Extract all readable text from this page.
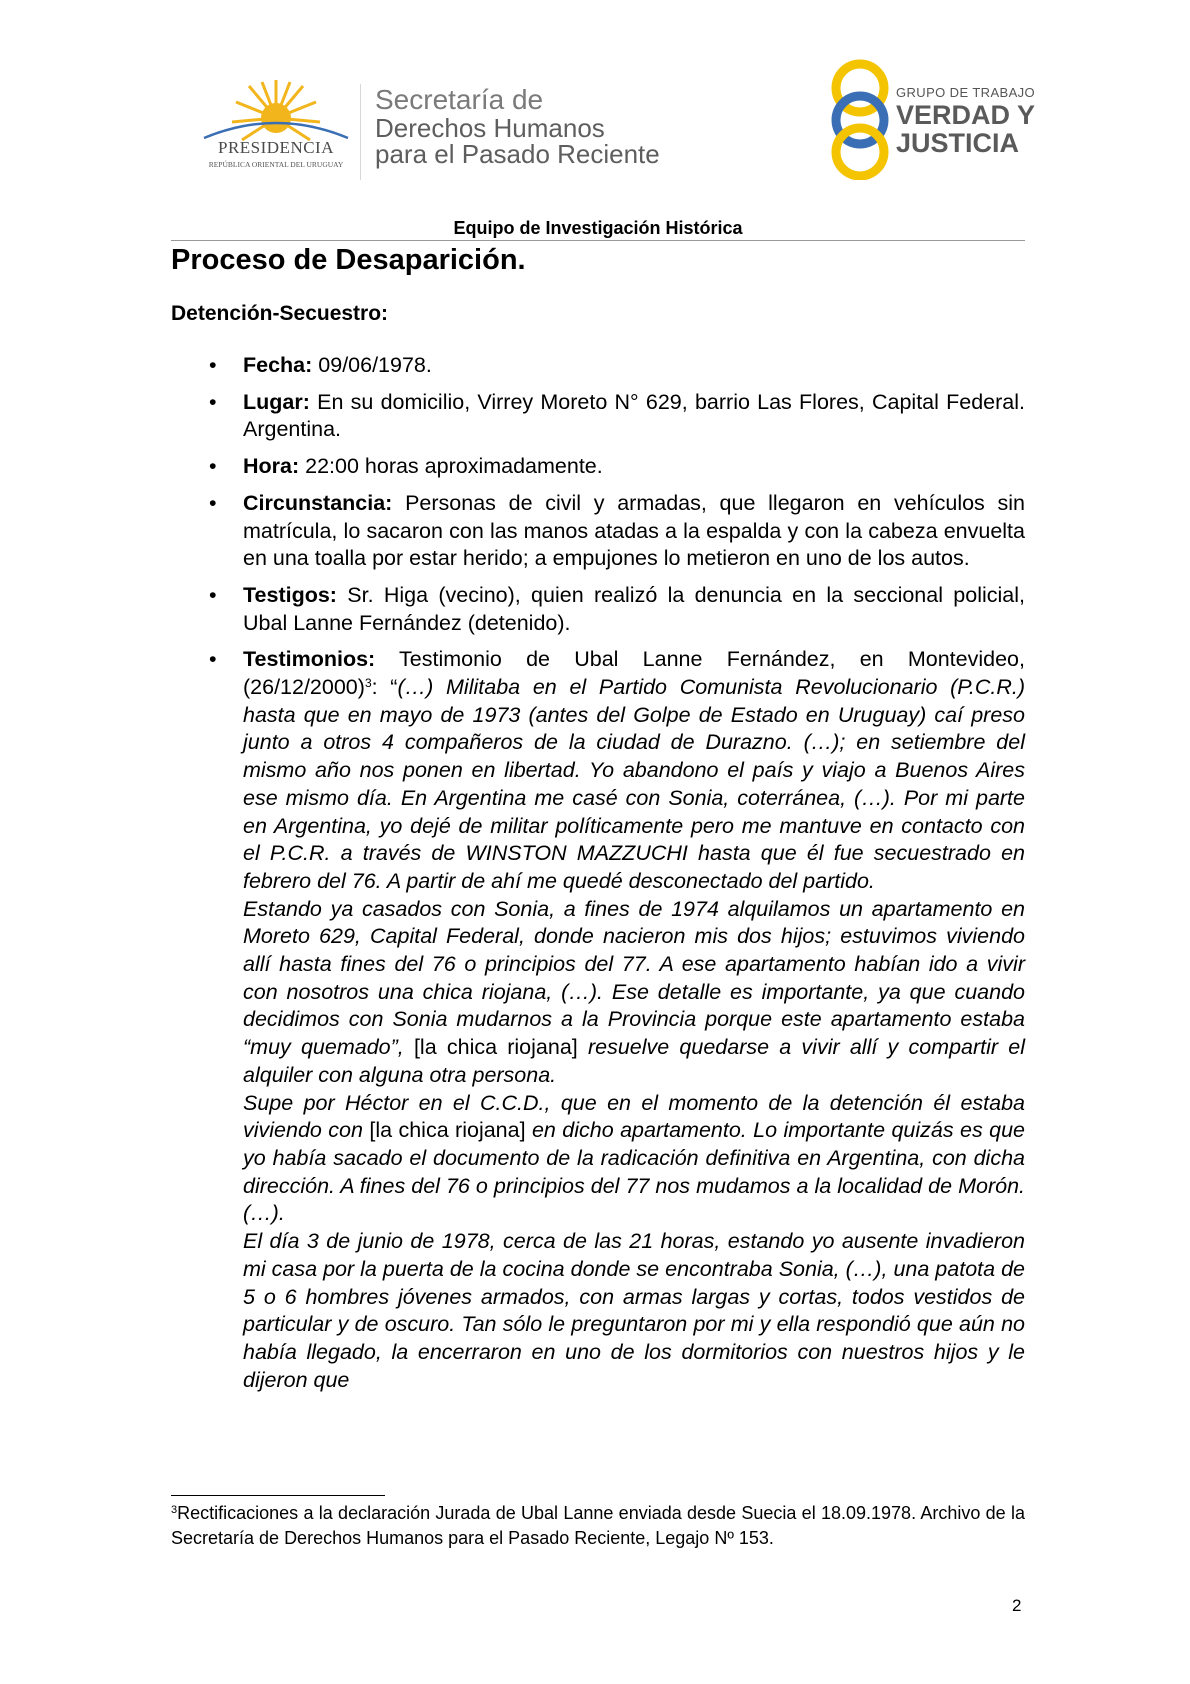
PRESIDENCIA
REPÚBLICA ORIENTAL DEL URUGUAY
Secretaría de
Derechos Humanos
para el Pasado Reciente
GRUPO DE TRABAJO
VERDAD Y
JUSTICIA
Equipo de Investigación Histórica
Proceso de Desaparición.
Detención-Secuestro:
• Fecha: 09/06/1978.

• Lugar: En su domicilio, Virrey Moreto N° 629, barrio Las Flores, Capital Federal. Argentina.

• Hora: 22:00 horas aproximadamente.

• Circunstancia: Personas de civil y armadas, que llegaron en vehículos sin matrícula, lo sacaron con las manos atadas a la espalda y con la cabeza envuelta en una toalla por estar herido; a empujones lo metieron en uno de los autos.

• Testigos: Sr. Higa (vecino), quien realizó la denuncia en la seccional policial, Ubal Lanne Fernández (detenido).

• Testimonios: Testimonio de Ubal Lanne Fernández, en Montevideo, $(26/12/2000)^3$: “(…) Militaba en el Partido Comunista Revolucionario (P.C.R.) hasta que en mayo de 1973 (antes del Golpe de Estado en Uruguay) caí preso junto a otros 4 compañeros de la ciudad de Durazno. (…); en setiembre del mismo año nos ponen en libertad. Yo abandono el país y viajo a Buenos Aires ese mismo día. En Argentina me casé con Sonia, coterránea, (…). Por mi parte en Argentina, yo dejé de militar políticamente pero me mantuve en contacto con el P.C.R. a través de WINSTON MAZZUCHI hasta que él fue secuestrado en febrero del 76. A partir de ahí me quedé desconectado del partido.

Estando ya casados con Sonia, a fines de 1974 alquilamos un apartamento en Moreto 629, Capital Federal, donde nacieron mis dos hijos; estuvimos viviendo allí hasta fines del 76 o principios del 77. A ese apartamento habían ido a vivir con nosotros una chica riojana, (…). Ese detalle es importante, ya que cuando decidimos con Sonia mudarnos a la Provincia porque este apartamento estaba “muy quemado”, [la chica riojana] resuelve quedarse a vivir allí y compartir el alquiler con alguna otra persona.

Supe por Héctor en el C.C.D., que en el momento de la detención él estaba viviendo con [la chica riojana] en dicho apartamento. Lo importante quizás es que yo había sacado el documento de la radicación definitiva en Argentina, con dicha dirección. A fines del 76 o principios del 77 nos mudamos a la localidad de Morón. (…).

El día 3 de junio de 1978, cerca de las 21 horas, estando yo ausente invadieron mi casa por la puerta de la cocina donde se encontraba Sonia, (…), una patota de 5 o 6 hombres jóvenes armados, con armas largas y cortas, todos vestidos de particular y de oscuro. Tan sólo le preguntaron por mi y ella respondió que aún no había llegado, la encerraron en uno de los dormitorios con nuestros hijos y le dijeron que

$^3$Rectificaciones a la declaración Jurada de Ubal Lanne enviada desde Suecia el 18.09.1978. Archivo de la Secretaría de Derechos Humanos para el Pasado Reciente, Legajo Nº 153.
2
